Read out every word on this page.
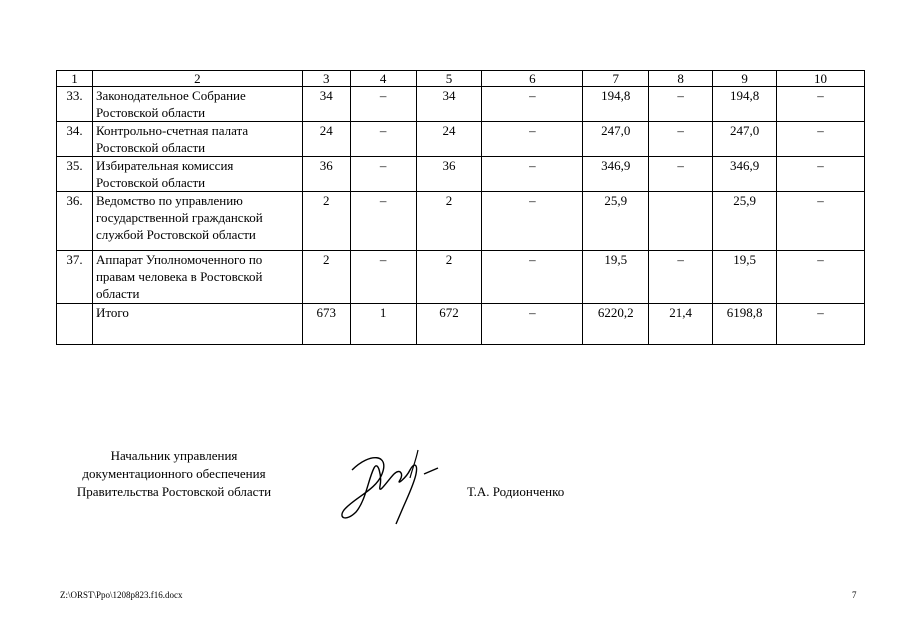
1	2	3	4	5	6	7	8	9	10
33.	Законодательное Собрание Ростовской области	34	–	34	–	194,8	–	194,8	–
34.	Контрольно-счетная палата Ростовской области	24	–	24	–	247,0	–	247,0	–
35.	Избирательная комиссия Ростовской области	36	–	36	–	346,9	–	346,9	–
36.	Ведомство по управлению государственной гражданской службой Ростовской области	2	–	2	–	25,9		25,9	–
37.	Аппарат Уполномоченного по правам человека в Ростовской области	2	–	2	–	19,5	–	19,5	–
	Итого	673	1	672	–	6220,2	21,4	6198,8	–
Начальник управления
документационного обеспечения
Правительства Ростовской области	Т.А. Родионченко
Z:\ORST\Ppo\1208p823.f16.docx	7
